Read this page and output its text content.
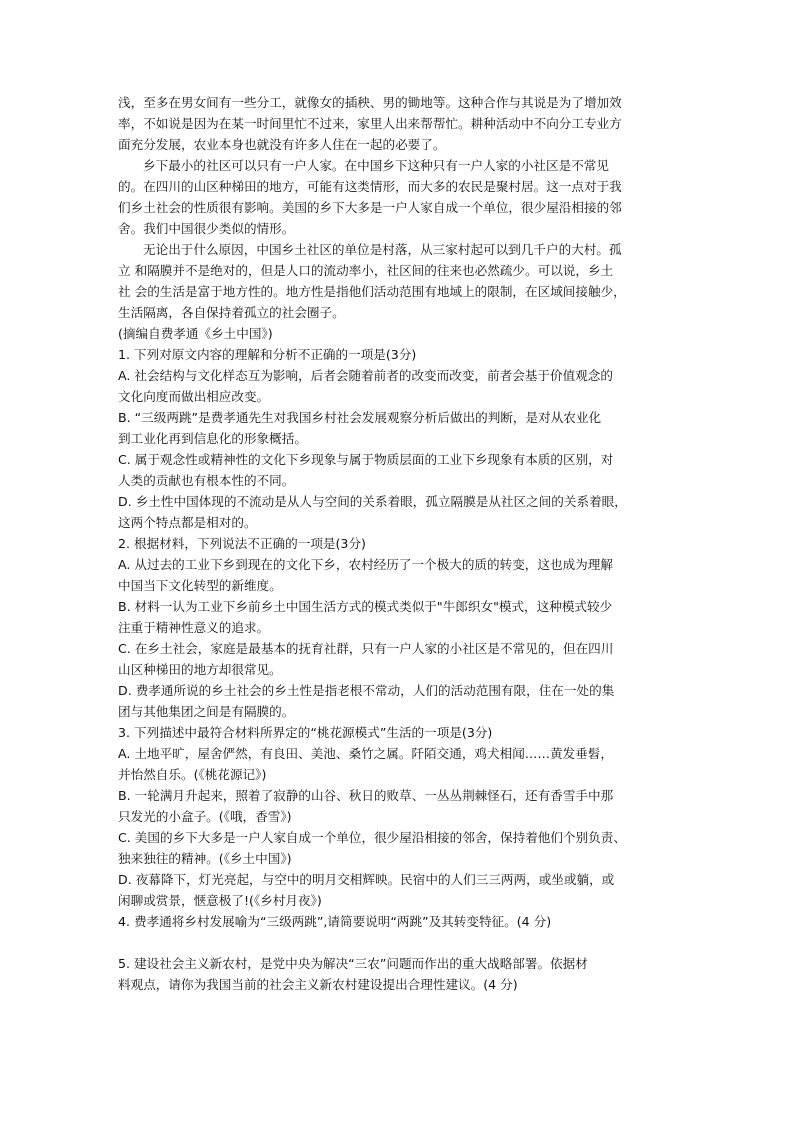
浅，至多在男女间有一些分工，就像女的插秧、男的锄地等。这种合作与其说是为了增加效
率，不如说是因为在某一时间里忙不过来，家里人出来帮帮忙。耕种活动中不向分工专业方
面充分发展，农业本身也就没有许多人住在一起的必要了。
乡下最小的社区可以只有一户人家。在中国乡下这种只有一户人家的小社区是不常见
的。在四川的山区种梯田的地方，可能有这类情形，而大多的农民是聚村居。这一点对于我
们乡土社会的性质很有影响。美国的乡下大多是一户人家自成一个单位，很少屋沿相接的邻
舍。我们中国很少类似的情形。
无论出于什么原因，中国乡土社区的单位是村落，从三家村起可以到几千户的大村。孤
立 和隔膜并不是绝对的，但是人口的流动率小，社区间的往来也必然疏少。可以说，乡土
社 会的生活是富于地方性的。地方性是指他们活动范围有地域上的限制，在区域间接触少，
生活隔离，各自保持着孤立的社会圈子。
(摘编自费孝通《乡土中国》)
1. 下列对原文内容的理解和分析不正确的一项是(3分)
A. 社会结构与文化样态互为影响，后者会随着前者的改变而改变，前者会基于价值观念的
文化向度而做出相应改变。
B. “三级两跳”是费孝通先生对我国乡村社会发展观察分析后做出的判断，是对从农业化
到工业化再到信息化的形象概括。
C. 属于观念性或精神性的文化下乡现象与属于物质层面的工业下乡现象有本质的区别，对
人类的贡献也有根本性的不同。
D. 乡土性中国体现的不流动是从人与空间的关系着眼，孤立隔膜是从社区之间的关系着眼，
这两个特点都是相对的。
2. 根据材料，下列说法不正确的一项是(3分)
A. 从过去的工业下乡到现在的文化下乡，农村经历了一个极大的质的转变，这也成为理解
中国当下文化转型的新维度。
B. 材料一认为工业下乡前乡土中国生活方式的模式类似于"牛郎织女"模式，这种模式较少
注重于精神性意义的追求。
C. 在乡土社会，家庭是最基本的抚育社群，只有一户人家的小社区是不常见的，但在四川
山区种梯田的地方却很常见。
D. 费孝通所说的乡土社会的乡土性是指老根不常动，人们的活动范围有限，住在一处的集
团与其他集团之间是有隔膜的。
3. 下列描述中最符合材料所界定的“桃花源模式”生活的一项是(3分)
A. 土地平旷，屋舍俨然，有良田、美池、桑竹之属。阡陌交通，鸡犬相闻……黄发垂髫，
并怡然自乐。(《桃花源记》)
B. 一轮满月升起来，照着了寂静的山谷、秋日的败草、一丛丛荆棘怪石，还有香雪手中那
只发光的小盒子。(《哦，香雪》)
C. 美国的乡下大多是一户人家自成一个单位，很少屋沿相接的邻舍，保持着他们个别负责、
独来独往的精神。(《乡土中国》)
D. 夜幕降下，灯光亮起，与空中的明月交相辉映。民宿中的人们三三两两，或坐或躺，或
闲聊或赏景，惬意极了!(《乡村月夜》)
4. 费孝通将乡村发展喻为“三级两跳”,请简要说明“两跳”及其转变特征。(4 分)
5. 建设社会主义新农村，是党中央为解决“三农”问题而作出的重大战略部署。依据材
料观点，请你为我国当前的社会主义新农村建设提出合理性建议。(4 分)
